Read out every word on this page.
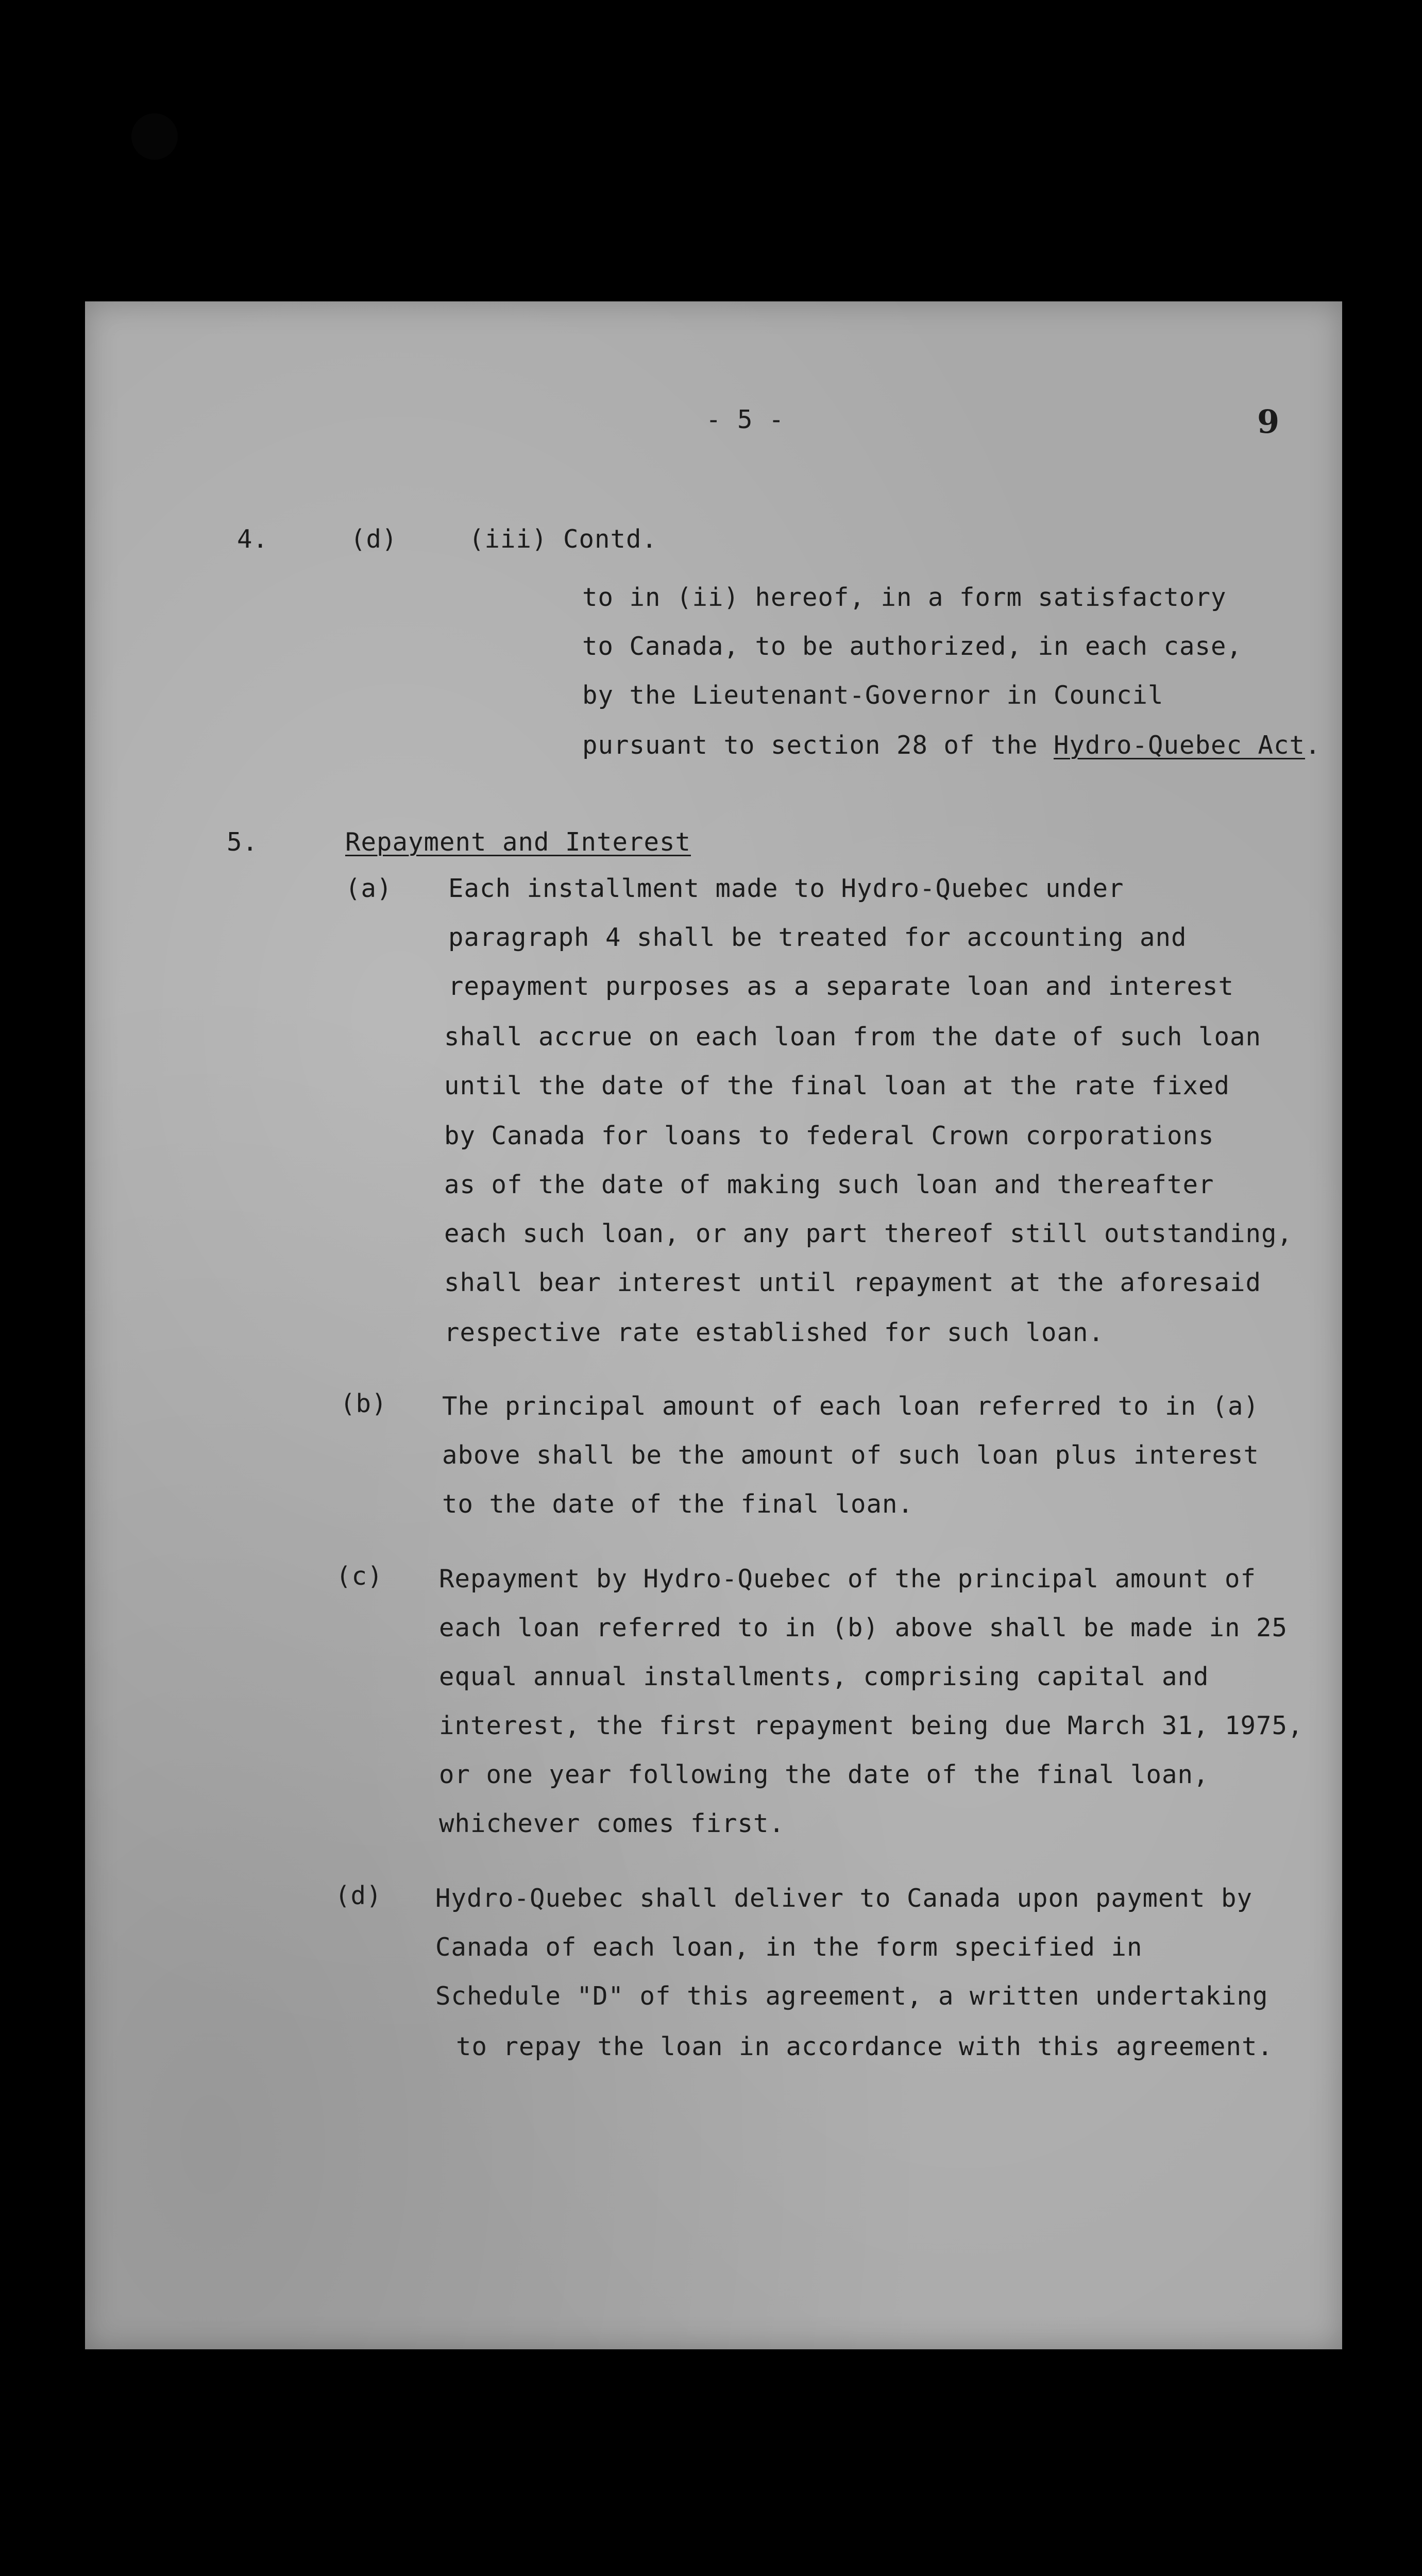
- 5 -	9
4.	(d)	(iii) Contd.
to in (ii) hereof, in a form satisfactory
to Canada, to be authorized, in each case,
by the Lieutenant-Governor in Council
pursuant to section 28 of the Hydro-Quebec Act.
5.	Repayment and Interest
(a) Each installment made to Hydro-Quebec under
paragraph 4 shall be treated for accounting and
repayment purposes as a separate loan and interest
shall accrue on each loan from the date of such loan
until the date of the final loan at the rate fixed
by Canada for loans to federal Crown corporations
as of the date of making such loan and thereafter
each such loan, or any part thereof still outstanding,
shall bear interest until repayment at the aforesaid
respective rate established for such loan.
(b) The principal amount of each loan referred to in (a)
above shall be the amount of such loan plus interest
to the date of the final loan.
(c) Repayment by Hydro-Quebec of the principal amount of
each loan referred to in (b) above shall be made in 25
equal annual installments, comprising capital and
interest, the first repayment being due March 31, 1975,
or one year following the date of the final loan,
whichever comes first.
(d) Hydro-Quebec shall deliver to Canada upon payment by
Canada of each loan, in the form specified in
Schedule "D" of this agreement, a written undertaking
to repay the loan in accordance with this agreement.
